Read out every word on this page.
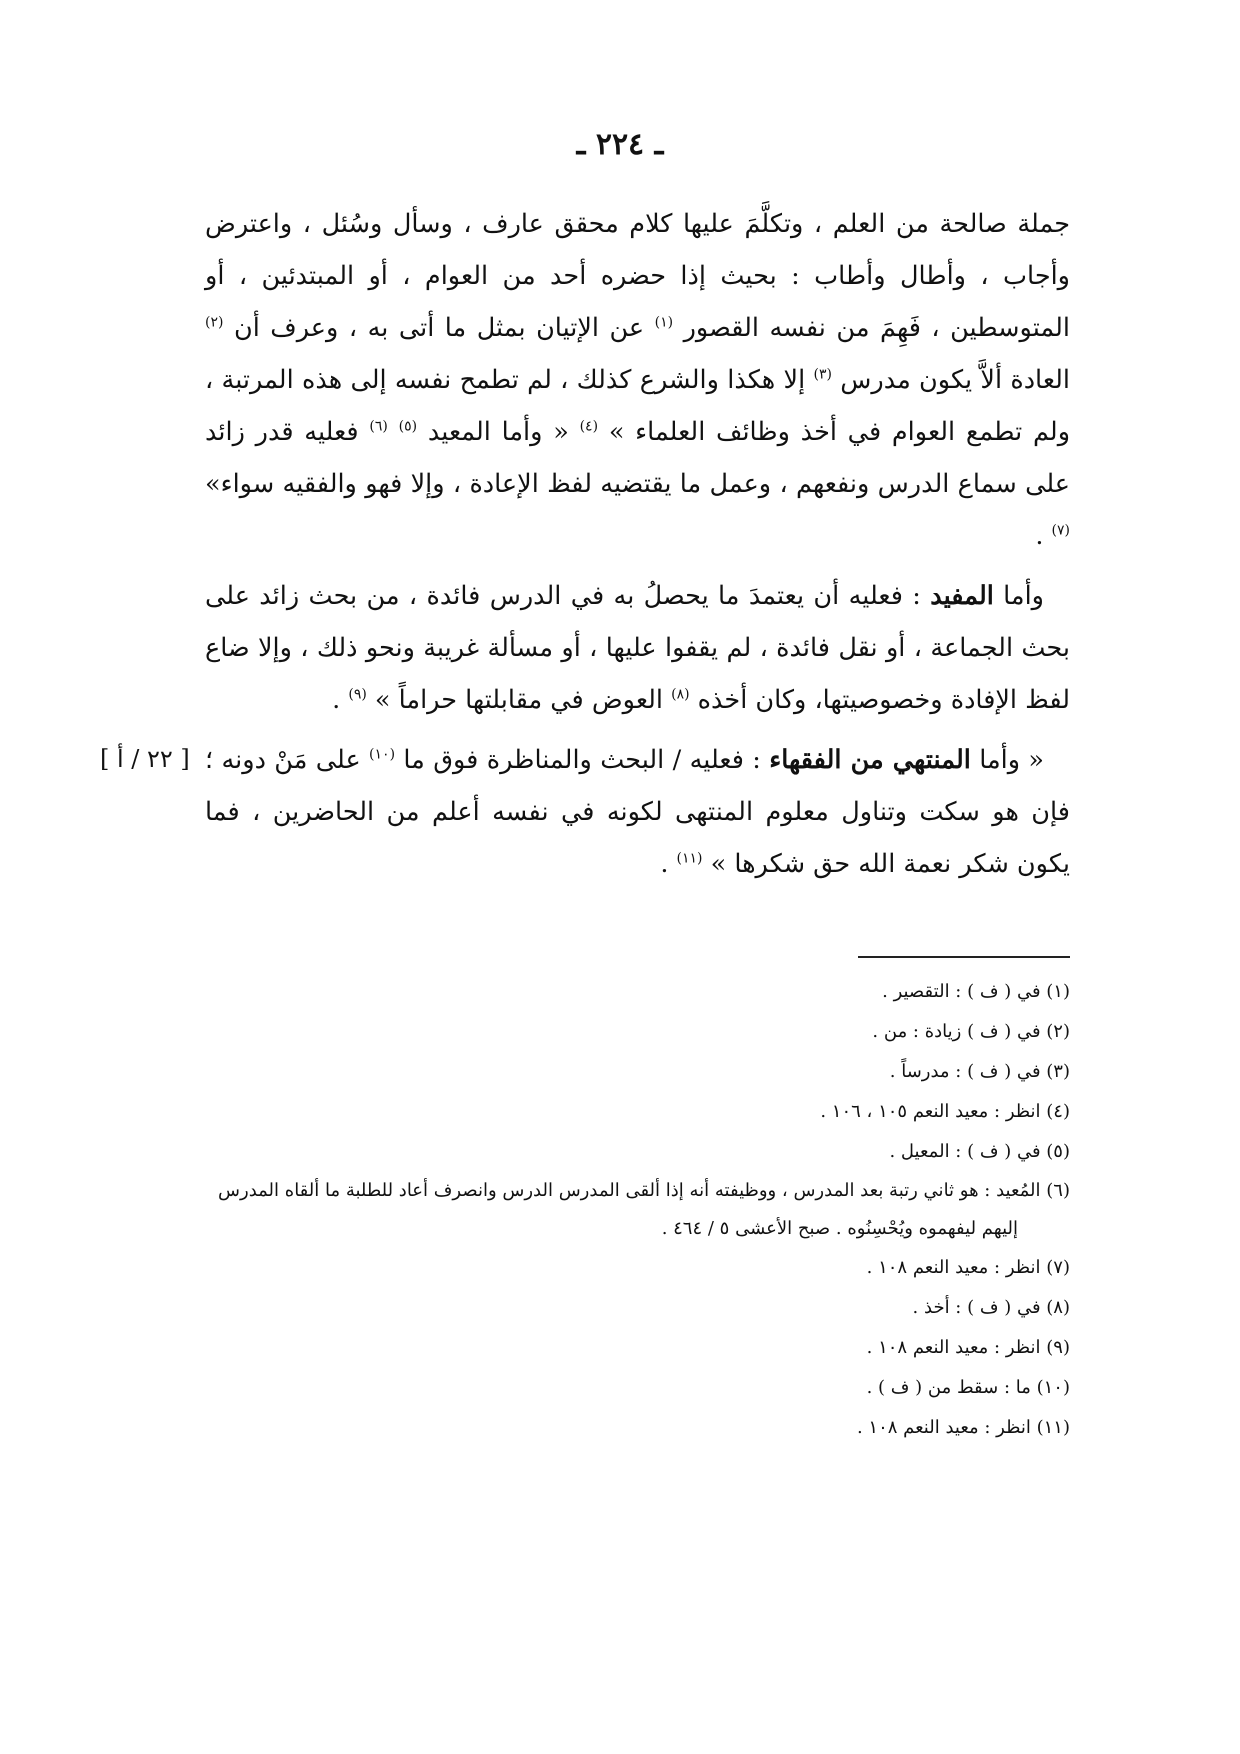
ـ ٢٢٤ ـ
[ ٢٢ / أ ]

جملة صالحة من العلم ، وتكلَّمَ عليها كلام محقق عارف ، وسأل وسُئل ، واعترض وأجاب ، وأطال وأطاب : بحيث إذا حضره أحد من العوام ، أو المبتدئين ، أو المتوسطين ، فَهِمَ من نفسه القصور $^{(١)}$ عن الإتيان بمثل ما أتى به ، وعرف أن $^{(٢)}$ العادة ألاَّ يكون مدرس $^{(٣)}$ إلا هكذا والشرع كذلك ، لم تطمح نفسه إلى هذه المرتبة ، ولم تطمع العوام في أخذ وظائف العلماء » $^{(٤)}$ « وأما المعيد $^{(٥)}$ $^{(٦)}$ فعليه قدر زائد على سماع الدرس ونفعهم ، وعمل ما يقتضيه لفظ الإعادة ، وإلا فهو والفقيه سواء» $^{(٧)}$ .

وأما المفيد : فعليه أن يعتمدَ ما يحصلُ به في الدرس فائدة ، من بحث زائد على بحث الجماعة ، أو نقل فائدة ، لم يقفوا عليها ، أو مسألة غريبة ونحو ذلك ، وإلا ضاع لفظ الإفادة وخصوصيتها، وكان أخذه $^{(٨)}$ العوض في مقابلتها حراماً » $^{(٩)}$ .

« وأما المنتهي من الفقهاء : فعليه / البحث والمناظرة فوق ما $^{(١٠)}$ على مَنْ دونه ؛ فإن هو سكت وتناول معلوم المنتهى لكونه في نفسه أعلم من الحاضرين ، فما يكون شكر نعمة الله حق شكرها » $^{(١١)}$ .

(١) في ( ف ) : التقصير .
(٢) في ( ف ) زيادة : من .
(٣) في ( ف ) : مدرساً .
(٤) انظر : معيد النعم ١٠٥ ، ١٠٦ .
(٥) في ( ف ) : المعيل .
(٦) المُعيد : هو ثاني رتبة بعد المدرس ، ووظيفته أنه إذا ألقى المدرس الدرس وانصرف أعاد للطلبة ما ألقاه المدرس إليهم ليفهموه ويُحْسِنُوه . صبح الأعشى ٥ / ٤٦٤ .
(٧) انظر : معيد النعم ١٠٨ .
(٨) في ( ف ) : أخذ .
(٩) انظر : معيد النعم ١٠٨ .
(١٠) ما : سقط من ( ف ) .
(١١) انظر : معيد النعم ١٠٨ .
